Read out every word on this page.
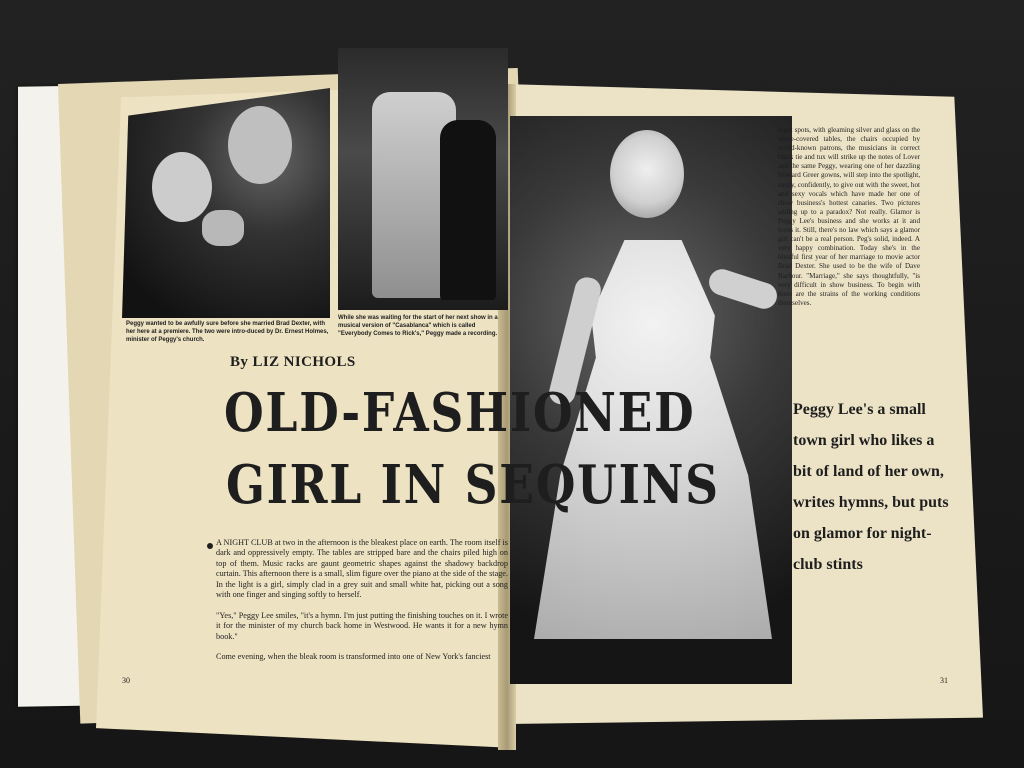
Peggy wanted to be awfully sure before she married Brad Dexter, with her here at a premiere. The two were intro-duced by Dr. Ernest Holmes, minister of Peggy's church.
While she was waiting for the start of her next show in a musical version of "Casablanca" which is called "Everybody Comes to Rick's," Peggy made a recording.
By LIZ NICHOLS
OLD-FASHIONED
GIRL IN SEQUINS
A NIGHT CLUB at two in the afternoon is the bleakest place on earth. The room itself is dark and oppressively empty. The tables are stripped bare and the chairs piled high on top of them. Music racks are gaunt geometric shapes against the shadowy backdrop curtain. This afternoon there is a small, slim figure over the piano at the side of the stage. In the light is a girl, simply clad in a grey suit and small white hat, picking out a song with one finger and singing softly to herself.

"Yes," Peggy Lee smiles, "it's a hymn. I'm just putting the finishing touches on it. I wrote it for the minister of my church back home in Westwood. He wants it for a new hymn book."

Come evening, when the bleak room is transformed into one of New York's fanciest
night spots, with gleaming silver and glass on the white-covered tables, the chairs occupied by world-known patrons, the musicians in correct black tie and tux will strike up the notes of Lover and the same Peggy, wearing one of her dazzling Howard Greer gowns, will step into the spotlight, easily, confidently, to give out with the sweet, hot and sexy vocals which have made her one of show business's hottest canaries. Two pictures adding up to a paradox? Not really. Glamor is Peggy Lee's business and she works at it and loves it. Still, there's no law which says a glamor girl can't be a real person. Peg's solid, indeed. A very happy combination. Today she's in the blissful first year of her marriage to movie actor Brad Dexter. She used to be the wife of Dave Barbour. "Marriage," she says thoughtfully, "is very difficult in show business. To begin with there are the strains of the working conditions themselves.
Peggy Lee's a small town girl who likes a bit of land of her own, writes hymns, but puts on glamor for night-club stints
30	31
